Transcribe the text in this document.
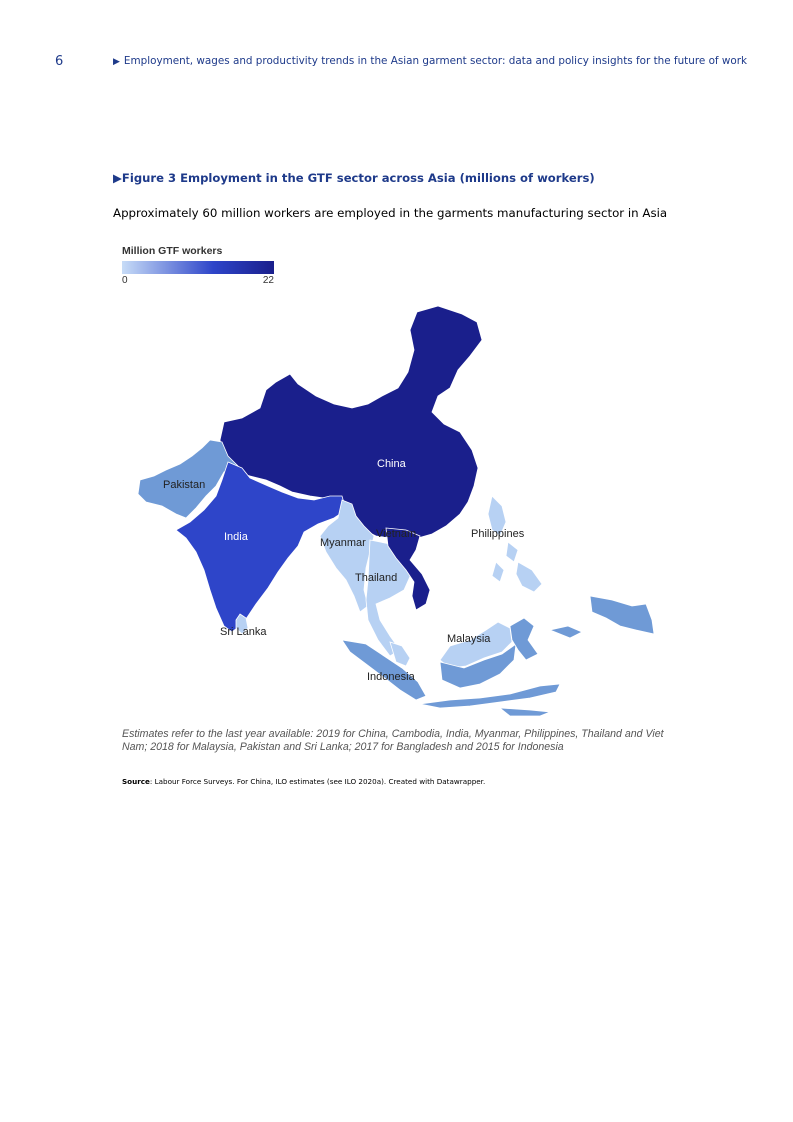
6	▶ Employment, wages and productivity trends in the Asian garment sector: data and policy insights for the future of work
▶Figure 3 Employment in the GTF sector across Asia (millions of workers)
Approximately 60 million workers are employed in the garments manufacturing sector in Asia
Million GTF workers
0	22
China
Pakistan
India	Vietnam
Myanmar
Philippines
Thailand
Sri Lanka
Malaysia
Indonesia
Estimates refer to the last year available: 2019 for China, Cambodia, India, Myanmar, Philippines, Thailand and Viet Nam; 2018 for Malaysia, Pakistan and Sri Lanka; 2017 for Bangladesh and 2015 for Indonesia
Source: Labour Force Surveys. For China, ILO estimates (see ILO 2020a). Created with Datawrapper.
